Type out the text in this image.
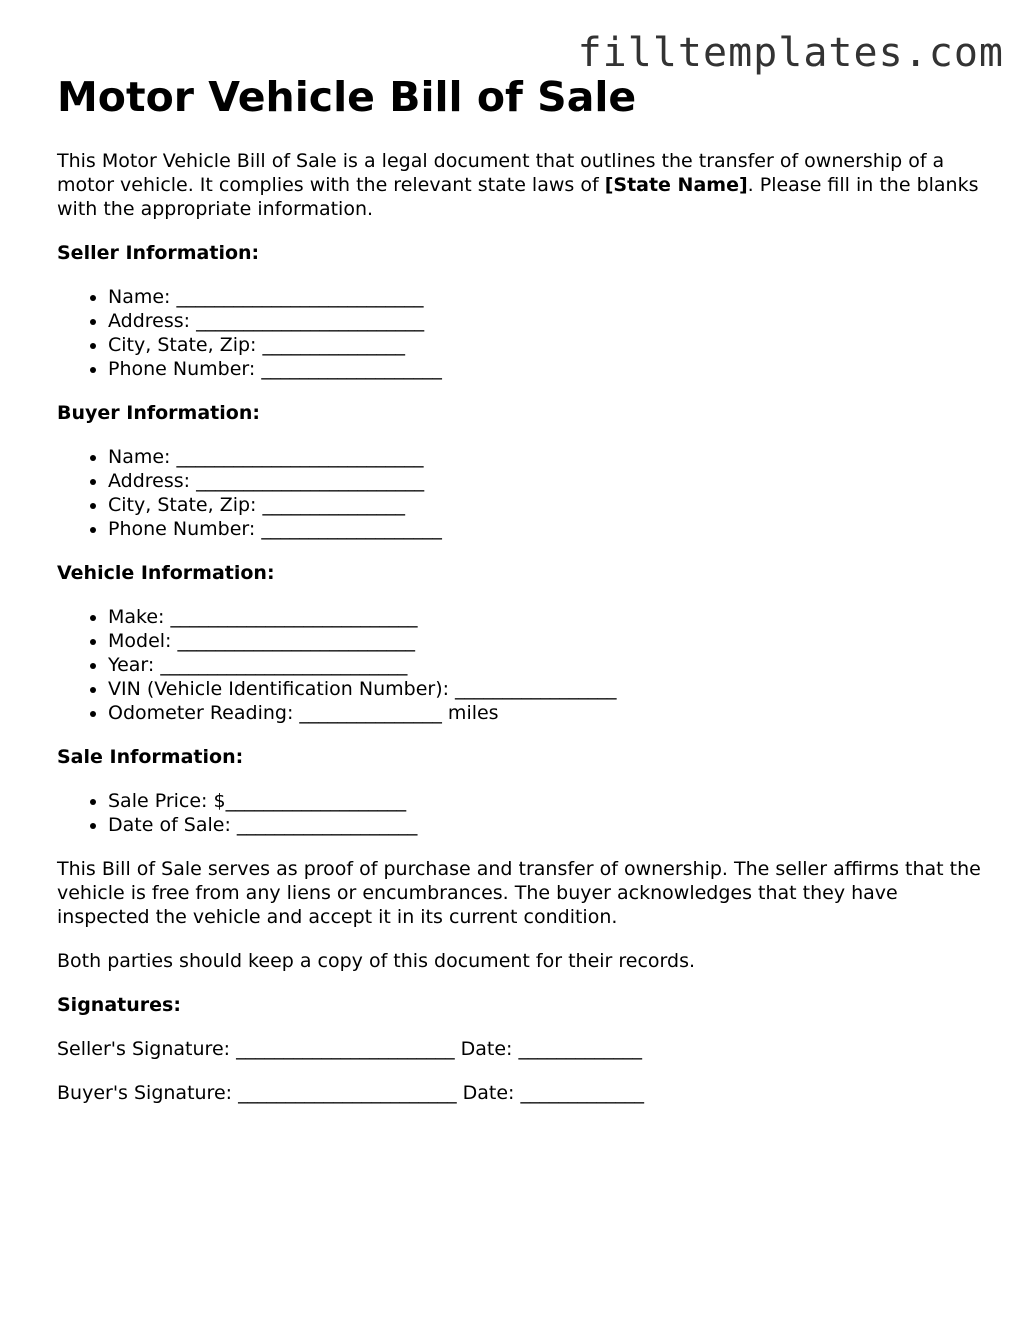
filltemplates.com
Motor Vehicle Bill of Sale

This Motor Vehicle Bill of Sale is a legal document that outlines the transfer of ownership of a motor vehicle. It complies with the relevant state laws of [State Name]. Please fill in the blanks with the appropriate information.

Seller Information:

• Name: __________________________
• Address: ________________________
• City, State, Zip: _______________
• Phone Number: ___________________

Buyer Information:

• Name: __________________________
• Address: ________________________
• City, State, Zip: _______________
• Phone Number: ___________________

Vehicle Information:

• Make: __________________________
• Model: _________________________
• Year: __________________________
• VIN (Vehicle Identification Number): _________________
• Odometer Reading: _______________ miles

Sale Information:

• Sale Price: $___________________
• Date of Sale: ___________________

This Bill of Sale serves as proof of purchase and transfer of ownership. The seller affirms that the vehicle is free from any liens or encumbrances. The buyer acknowledges that they have inspected the vehicle and accept it in its current condition.

Both parties should keep a copy of this document for their records.

Signatures:

Seller's Signature: _______________________ Date: _____________

Buyer's Signature: _______________________ Date: _____________
